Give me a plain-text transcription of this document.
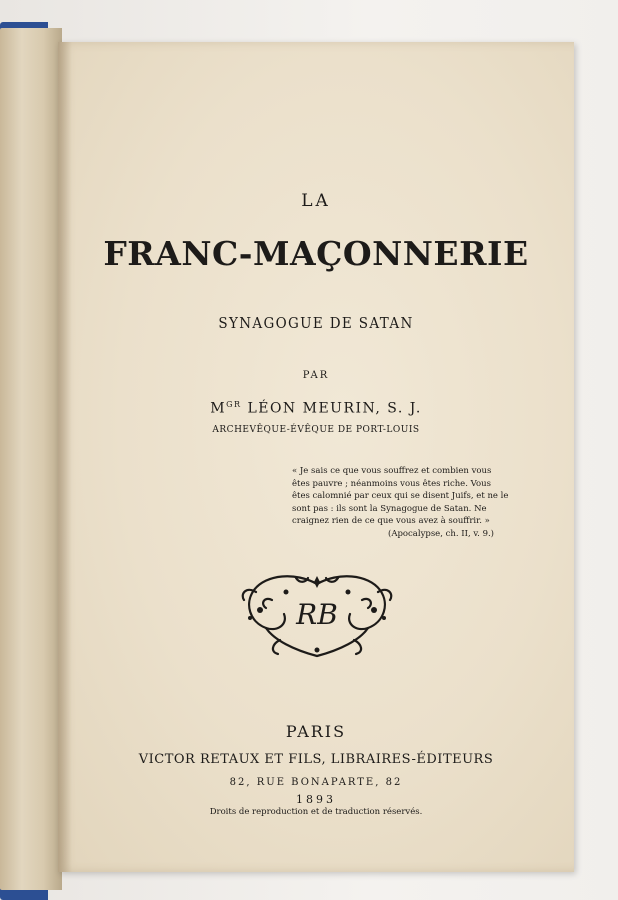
LA
FRANC-MAÇONNERIE
SYNAGOGUE DE SATAN
PAR
$M^{GR}$ LÉON MEURIN, S. J.
ARCHEVÊQUE-ÉVÊQUE DE PORT-LOUIS
« Je sais ce que vous souffrez et combien vous
êtes pauvre ; néanmoins vous êtes riche. Vous
êtes calomnié par ceux qui se disent Juifs, et ne le
sont pas : ils sont la Synagogue de Satan. Ne
craignez rien de ce que vous avez à souffrir. »
(Apocalypse, ch. II, v. 9.)
RB
PARIS
VICTOR RETAUX ET FILS, LIBRAIRES-ÉDITEURS
82, RUE BONAPARTE, 82
1893
Droits de reproduction et de traduction réservés.
